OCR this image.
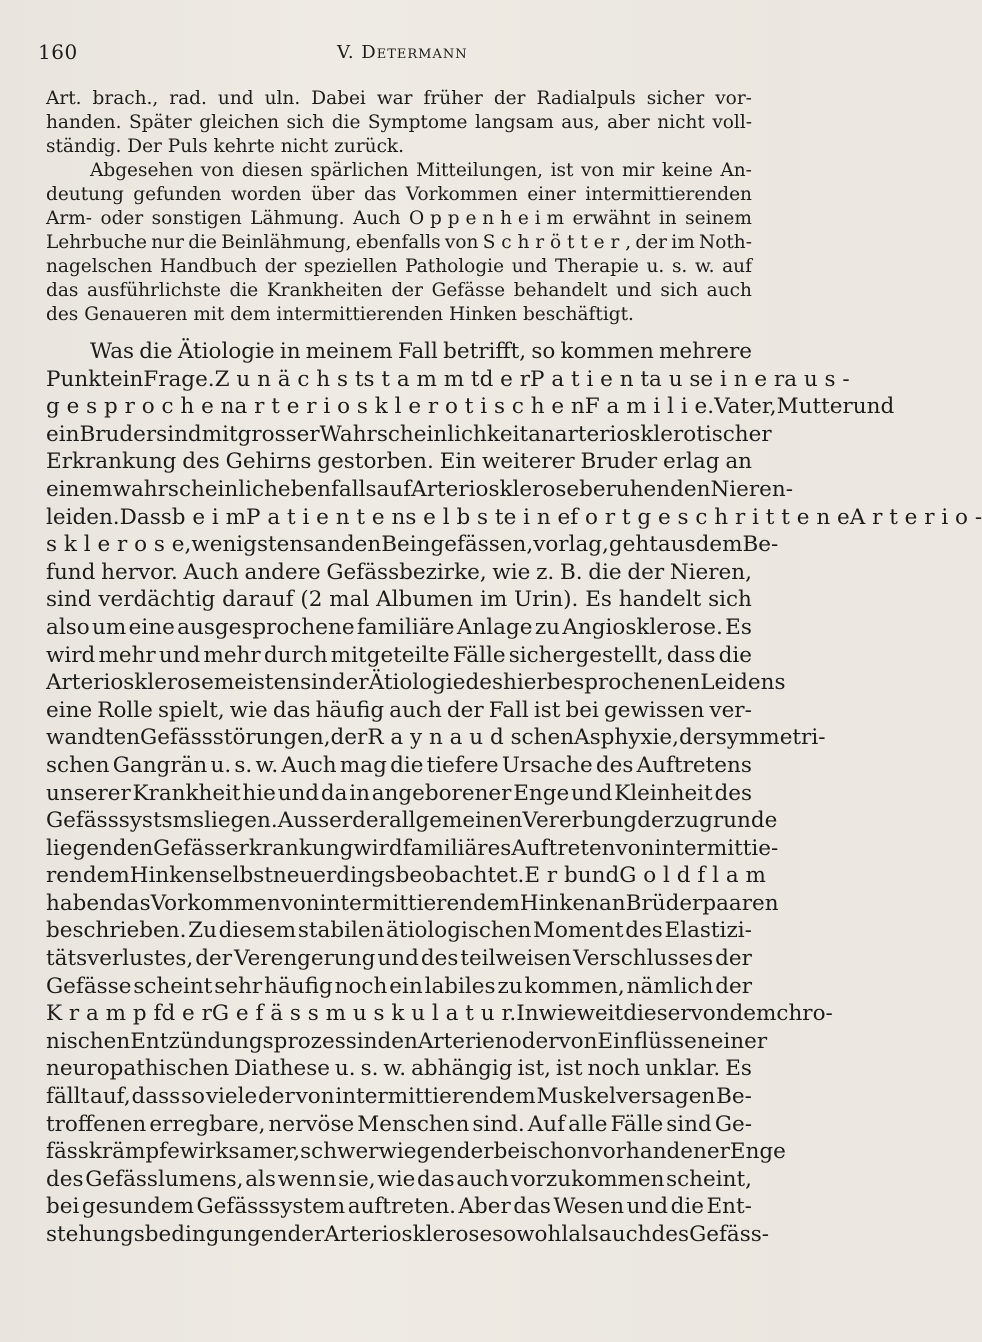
160	V. Determann
Art. brach., rad. und uln. Dabei war früher der Radialpuls sicher vor-
handen. Später gleichen sich die Symptome langsam aus, aber nicht voll-
ständig. Der Puls kehrte nicht zurück.
Abgesehen von diesen spärlichen Mitteilungen, ist von mir keine An-
deutung gefunden worden über das Vorkommen einer intermittierenden
Arm- oder sonstigen Lähmung. Auch O p p e n h e i m erwähnt in seinem
Lehrbuche nur die Beinlähmung, ebenfalls von S c h r ö t t e r , der im Noth-
nagelschen Handbuch der speziellen Pathologie und Therapie u. s. w. auf
das ausführlichste die Krankheiten der Gefässe behandelt und sich auch
des Genaueren mit dem intermittierenden Hinken beschäftigt.
Was die Ätiologie in meinem Fall betrifft, so kommen mehrere
Punkte in Frage. Z u n ä c h s t s t a m m t d e r P a t i e n t a u s e i n e r a u s -
g e s p r o c h e n a r t e r i o s k l e r o t i s c h e n F a m i l i e. Vater, Mutter und
ein Bruder sind mit grosser Wahrscheinlichkeit an arteriosklerotischer
Erkrankung des Gehirns gestorben. Ein weiterer Bruder erlag an
einem wahrscheinlich ebenfalls auf Arteriosklerose beruhenden Nieren-
leiden. Dass b e i m P a t i e n t e n s e l b s t e i n e f o r t g e s c h r i t t e n e A r t e r i o -
s k l e r o s e, wenigstens an den Beingefässen, vorlag, geht aus dem Be-
fund hervor. Auch andere Gefässbezirke, wie z. B. die der Nieren,
sind verdächtig darauf (2 mal Albumen im Urin). Es handelt sich
also um eine ausgesprochene familiäre Anlage zu Angiosklerose. Es
wird mehr und mehr durch mitgeteilte Fälle sichergestellt, dass die
Arteriosklerose meistens in der Ätiologie des hier besprochenen Leidens
eine Rolle spielt, wie das häufig auch der Fall ist bei gewissen ver-
wandten Gefässstörungen, der R a y n a u d schen Asphyxie, der symmetri-
schen Gangrän u. s. w. Auch mag die tiefere Ursache des Auftretens
unserer Krankheit hie und da in angeborener Enge und Kleinheit des
Gefässsystsms liegen. Ausser der allgemeinen Vererbung der zugrunde
liegenden Gefässerkrankung wird familiäres Auftreten von intermittie-
rendem Hinken selbst neuerdings beobachtet. E r b und G o l d f l a m
haben das Vorkommen von intermittierendem Hinken an Brüderpaaren
beschrieben. Zu diesem stabilen ätiologischen Moment des Elastizi-
tätsverlustes, der Verengerung und des teilweisen Verschlusses der
Gefässe scheint sehr häufig noch ein labiles zu kommen, nämlich der
K r a m p f d e r G e f ä s s m u s k u l a t u r. Inwieweit dieser von dem chro-
nischen Entzündungsprozess in den Arterien oder von Einflüssen einer
neuropathischen Diathese u. s. w. abhängig ist, ist noch unklar. Es
fällt auf, dass so viele der von intermittierendem Muskelversagen Be-
troffenen erregbare, nervöse Menschen sind. Auf alle Fälle sind Ge-
fässkrämpfe wirksamer, schwerwiegender bei schon vorhandener Enge
des Gefässlumens, als wenn sie, wie das auch vorzukommen scheint,
bei gesundem Gefässsystem auftreten. Aber das Wesen und die Ent-
stehungsbedingungen der Arteriosklerose sowohl als auch des Gefäss-
